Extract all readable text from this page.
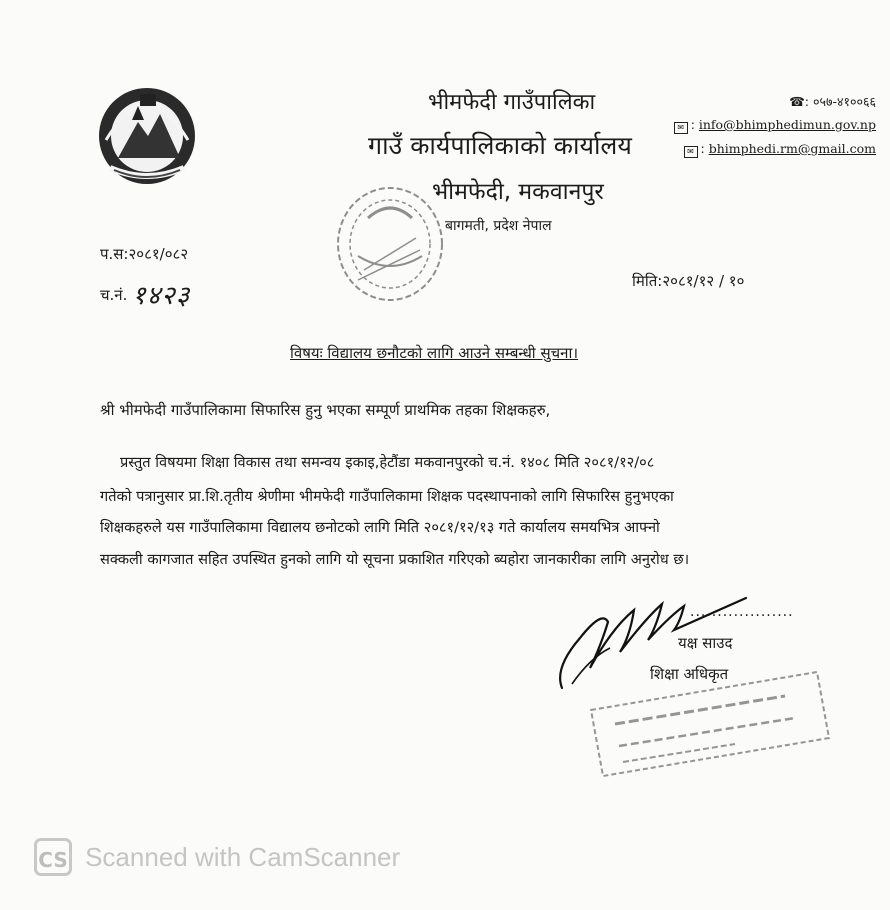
भीमफेदी गाउँपालिका
गाउँ कार्यपालिकाको कार्यालय
भीमफेदी, मकवानपुर
बागमती, प्रदेश नेपाल
☎: ०५७-४१००६६
✉ : info@bhimphedimun.gov.np
✉ : bhimphedi.rm@gmail.com
प.स:२०८१/०८२
च.नं. १४२३	मिति:२०८१/१२ / १०
विषयः विद्यालय छनौटको लागि आउने सम्बन्धी सुचना।
श्री भीमफेदी गाउँपालिकामा सिफारिस हुनु भएका सम्पूर्ण प्राथमिक तहका शिक्षकहरु,
प्रस्तुत विषयमा शिक्षा विकास तथा समन्वय इकाइ,हेटौंडा मकवानपुरको च.नं. १४०८ मिति २०८१/१२/०८
गतेको पत्रानुसार प्रा.शि.तृतीय श्रेणीमा भीमफेदी गाउँपालिकामा शिक्षक पदस्थापनाको लागि सिफारिस हुनुभएका
शिक्षकहरुले यस गाउँपालिकामा विद्यालय छनोटको लागि मिति २०८१/१२/१३ गते कार्यालय समयभित्र आफ्नो
सक्कली कागजात सहित उपस्थित हुनको लागि यो सूचना प्रकाशित गरिएको ब्यहोरा जानकारीका लागि अनुरोध छ।
...................
यक्ष साउद
शिक्षा अधिकृत
CS Scanned with CamScanner
